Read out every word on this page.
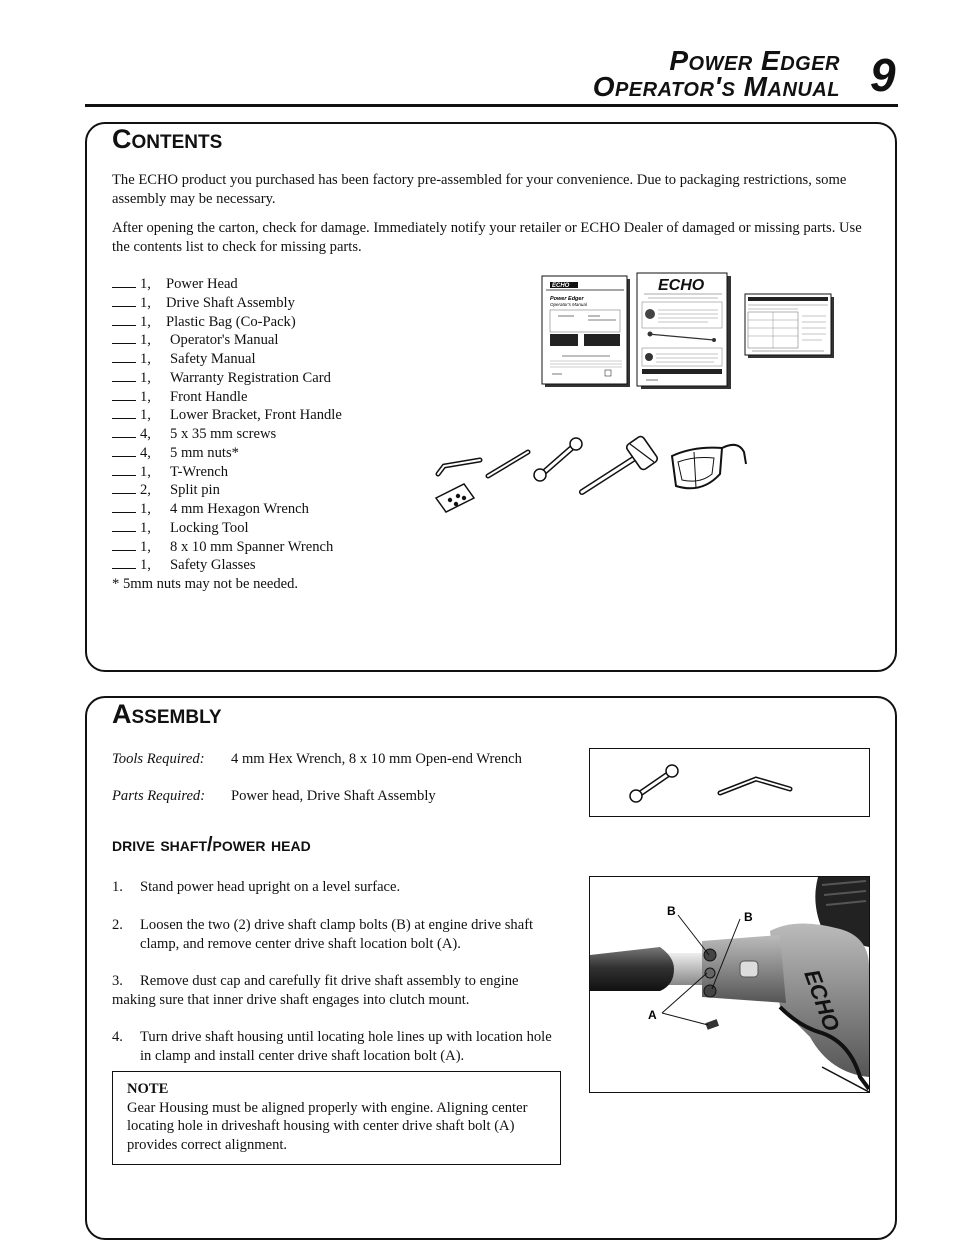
Power Edger
Operator's Manual 9
Contents
The ECHO product you purchased has been factory pre-assembled for your convenience. Due to packaging restrictions, some assembly may be necessary.
After opening the carton, check for damage. Immediately notify your retailer or ECHO Dealer of damaged or missing parts. Use the contents list to check for missing parts.
1, Power Head
1, Drive Shaft Assembly
1, Plastic Bag (Co-Pack)
1, Operator's Manual
1, Safety Manual
1, Warranty Registration Card
1, Front Handle
1, Lower Bracket, Front Handle
4, 5 x 35 mm screws
4, 5 mm nuts*
1, T-Wrench
2, Split pin
1, 4 mm Hexagon Wrench
1, Locking Tool
1, 8 x 10 mm Spanner Wrench
1, Safety Glasses
* 5mm nuts may not be needed.
ECHO
Power Edger
Operator's Manual
ECHO
Assembly
Tools Required: 4 mm Hex Wrench, 8 x 10 mm Open-end Wrench
Parts Required: Power head, Drive Shaft Assembly
drive shaft/power head
1. Stand power head upright on a level surface.
2. Loosen the two (2) drive shaft clamp bolts (B) at engine drive shaft clamp, and remove center drive shaft location bolt (A).
3. Remove dust cap and carefully fit drive shaft assembly to engine making sure that inner drive shaft engages into clutch mount.
4. Turn drive shaft housing until locating hole lines up with location hole in clamp and install center drive shaft location bolt (A).
NOTE
Gear Housing must be aligned properly with engine. Aligning center locating hole in driveshaft housing with center drive shaft bolt (A) provides correct alignment.
ECHO
B	B
A
